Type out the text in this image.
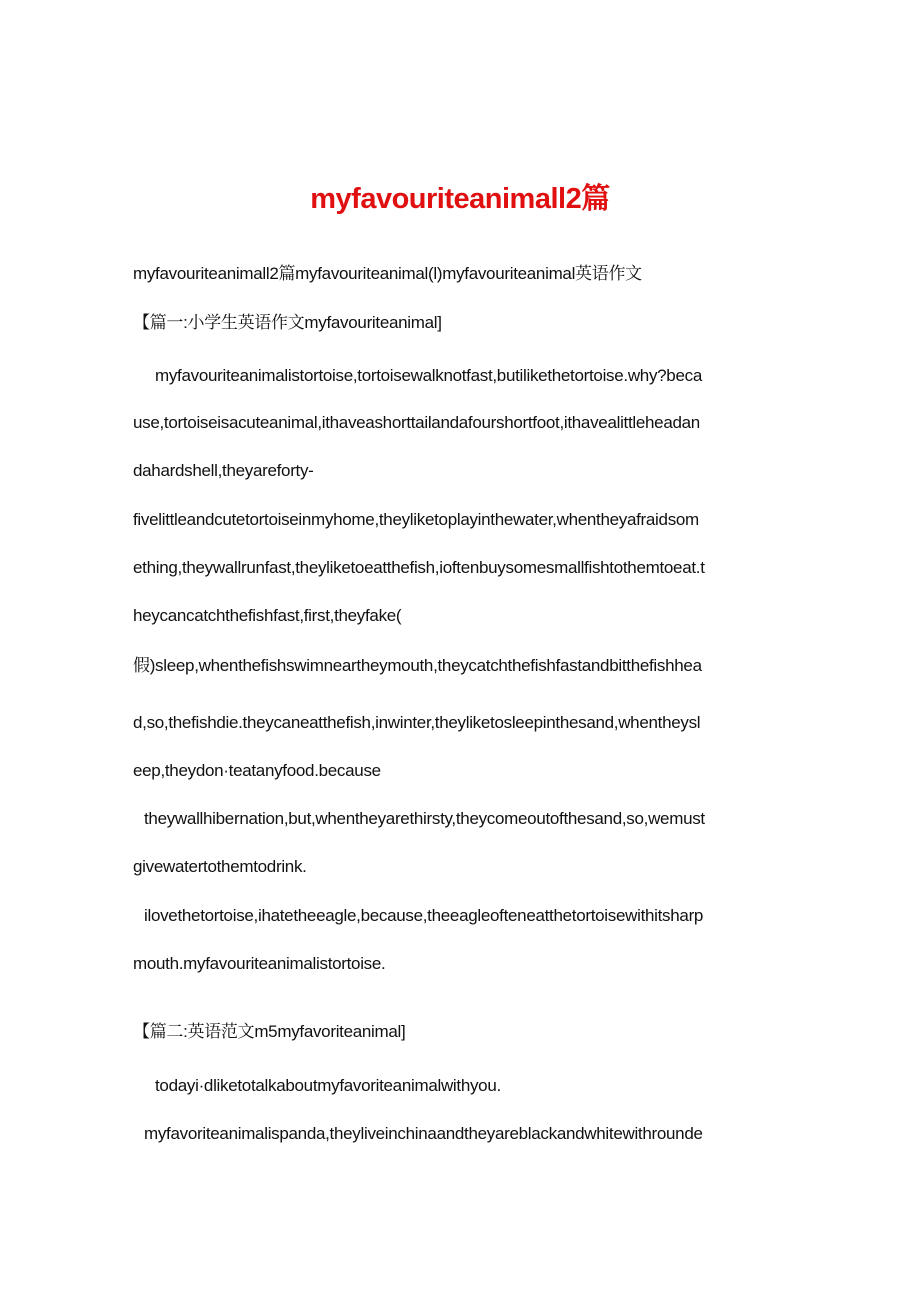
myfavouriteanimall2篇
myfavouriteanimall2篇myfavouriteanimal(l)myfavouriteanimal英语作文
【篇一:小学生英语作文myfavouriteanimal]
myfavouriteanimalistortoise,tortoisewalknotfast,butilikethetortoise.why?beca
use,tortoiseisacuteanimal,ithaveashorttailandafourshortfoot,ithavealittleheadan
dahardshell,theyareforty-
fivelittleandcutetortoiseinmyhome,theyliketoplayinthewater,whentheyafraidsom
ething,theywallrunfast,theyliketoeatthefish,ioftenbuysomesmallfishtothemtoeat.t
heycancatchthefishfast,first,theyfake(
假)sleep,whenthefishswimneartheymouth,theycatchthefishfastandbitthefishhea
d,so,thefishdie.theycaneatthefish,inwinter,theyliketosleepinthesand,whentheysl
eep,theydon·teatanyfood.because
theywallhibernation,but,whentheyarethirsty,theycomeoutofthesand,so,wemust
givewatertothemtodrink.
ilovethetortoise,ihatetheeagle,because,theeagleofteneatthetortoisewithitsharp
mouth.myfavouriteanimalistortoise.
【篇二:英语范文m5myfavoriteanimal]
todayi·dliketotalkaboutmyfavoriteanimalwithyou.
myfavoriteanimalispanda,theyliveinchinaandtheyareblackandwhitewithrounde
